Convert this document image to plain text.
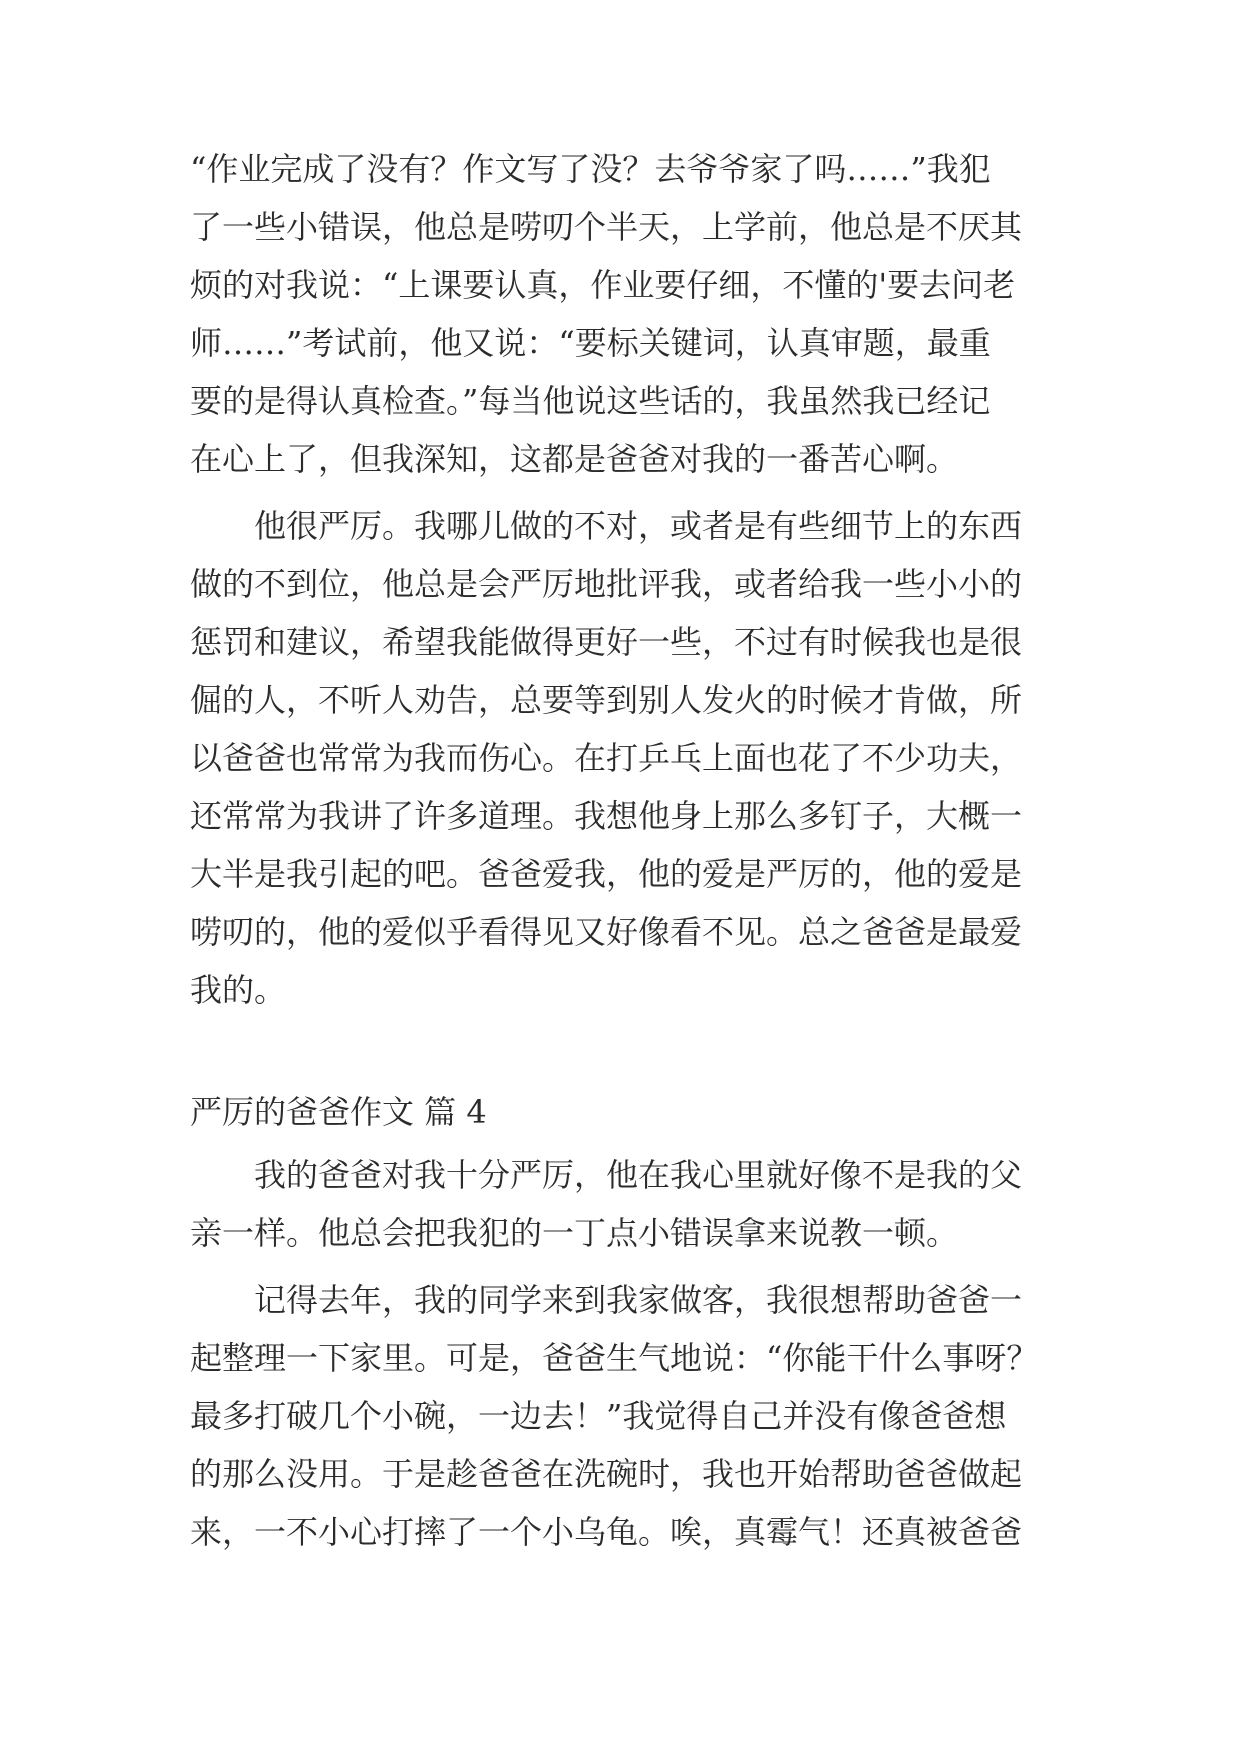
“作业完成了没有？作文写了没？去爷爷家了吗……”我犯
了一些小错误，他总是唠叨个半天，上学前，他总是不厌其
烦的对我说：“上课要认真，作业要仔细，不懂的'要去问老
师……”考试前，他又说：“要标关键词，认真审题，最重
要的是得认真检查。”每当他说这些话的，我虽然我已经记
在心上了，但我深知，这都是爸爸对我的一番苦心啊。
　　他很严厉。我哪儿做的不对，或者是有些细节上的东西
做的不到位，他总是会严厉地批评我，或者给我一些小小的
惩罚和建议，希望我能做得更好一些，不过有时候我也是很
倔的人，不听人劝告，总要等到别人发火的时候才肯做，所
以爸爸也常常为我而伤心。在打乒乓上面也花了不少功夫，
还常常为我讲了许多道理。我想他身上那么多钉子，大概一
大半是我引起的吧。爸爸爱我，他的爱是严厉的，他的爱是
唠叨的，他的爱似乎看得见又好像看不见。总之爸爸是最爱
我的。
严厉的爸爸作文 篇 4
　　我的爸爸对我十分严厉，他在我心里就好像不是我的父
亲一样。他总会把我犯的一丁点小错误拿来说教一顿。
　　记得去年，我的同学来到我家做客，我很想帮助爸爸一
起整理一下家里。可是，爸爸生气地说：“你能干什么事呀？
最多打破几个小碗，一边去！”我觉得自己并没有像爸爸想
的那么没用。于是趁爸爸在洗碗时，我也开始帮助爸爸做起
来，一不小心打摔了一个小乌龟。唉，真霉气！还真被爸爸
